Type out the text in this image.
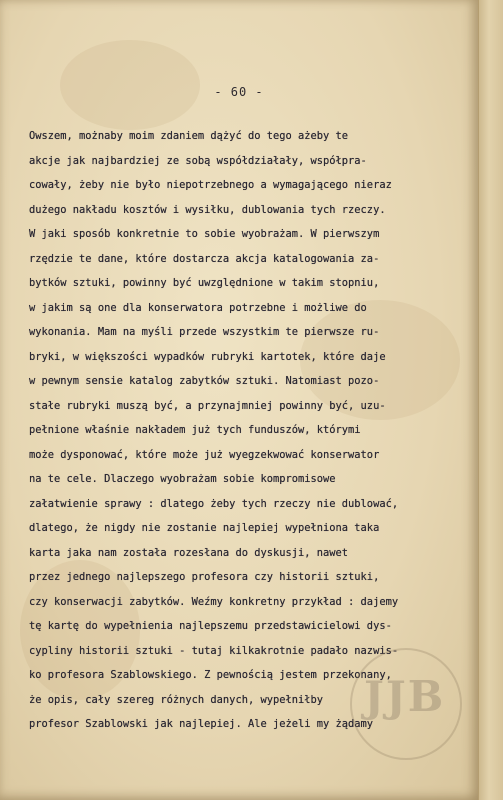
- 60 -
Owszem, możnaby moim zdaniem dążyć do tego ażeby te
akcje jak najbardziej ze sobą współdziałały, współpra-
cowały, żeby nie było niepotrzebnego a wymagającego nieraz
dużego nakładu kosztów i wysiłku, dublowania tych rzeczy.
W jaki sposób konkretnie to sobie wyobrażam. W pierwszym
rzędzie te dane, które dostarcza akcja katalogowania za-
bytków sztuki, powinny być uwzględnione w takim stopniu,
w jakim są one dla konserwatora potrzebne i możliwe do
wykonania. Mam na myśli przede wszystkim te pierwsze ru-
bryki, w większości wypadków rubryki kartotek, które daje
w pewnym sensie katalog zabytków sztuki. Natomiast pozo-
stałe rubryki muszą być, a przynajmniej powinny być, uzu-
pełnione właśnie nakładem już tych funduszów, którymi
może dysponować, które może już wyegzekwować konserwator
na te cele. Dlaczego wyobrażam sobie kompromisowe
załatwienie sprawy : dlatego żeby tych rzeczy nie dublować,
dlatego, że nigdy nie zostanie najlepiej wypełniona taka
karta jaka nam została rozesłana do dyskusji, nawet
przez jednego najlepszego profesora czy historii sztuki,
czy konserwacji zabytków. Weźmy konkretny przykład : dajemy
tę kartę do wypełnienia najlepszemu przedstawicielowi dys-
cypliny historii sztuki - tutaj kilkakrotnie padało nazwis-
ko profesora Szablowskiego. Z pewnością jestem przekonany,
że opis, cały szereg różnych danych, wypełniłby
profesor Szablowski jak najlepiej. Ale jeżeli my żądamy
JJB
